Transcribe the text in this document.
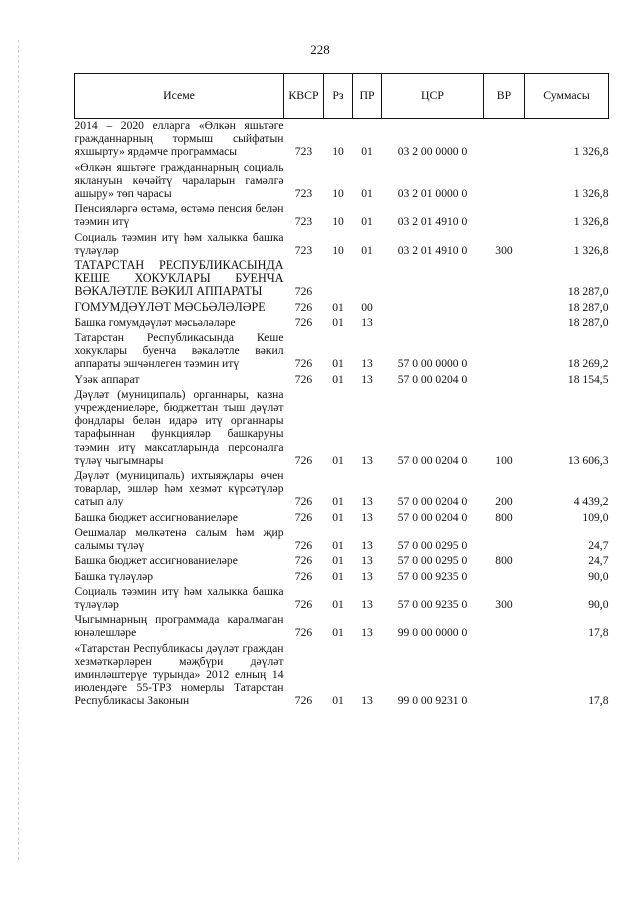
228
Исеме	КВСР	Рз	ПР	ЦСР	ВР	Суммасы
2014 – 2020 елларга «Өлкән яшьтәге гражданнарның тормыш сыйфатын яхшырту» ярдәмче программасы	723	10	01	03 2 00 0000 0		1 326,8
«Өлкән яшьтәге гражданнарның социаль яклануын көчәйтү чараларын гамәлгә ашыру» төп чарасы	723	10	01	03 2 01 0000 0		1 326,8
Пенсияләргә өстәмә, өстәмә пенсия белән тәэмин итү	723	10	01	03 2 01 4910 0		1 326,8
Социаль тәэмин итү һәм халыкка башка түләүләр	723	10	01	03 2 01 4910 0	300	1 326,8
ТАТАРСТАН РЕСПУБЛИКАСЫНДА КЕШЕ ХОКУКЛАРЫ БУЕНЧА ВӘКАЛӘТЛЕ ВӘКИЛ АППАРАТЫ	726					18 287,0
ГОМУМДӘҮЛӘТ МӘСЬӘЛӘЛӘРЕ	726	01	00			18 287,0
Башка гомумдәүләт мәсьәләләре	726	01	13			18 287,0
Татарстан Республикасында Кеше хокуклары буенча вәкаләтле вәкил аппараты эшчәнлеген тәэмин итү	726	01	13	57 0 00 0000 0		18 269,2
Үзәк аппарат	726	01	13	57 0 00 0204 0		18 154,5
Дәүләт (муниципаль) органнары, казна учреждениеләре, бюджеттан тыш дәүләт фондлары белән идарә итү органнары тарафыннан функцияләр башкаруны тәэмин итү максатларында персоналга түләү чыгымнары	726	01	13	57 0 00 0204 0	100	13 606,3
Дәүләт (муниципаль) ихтыяҗлары өчен товарлар, эшләр һәм хезмәт күрсәтүләр сатып алу	726	01	13	57 0 00 0204 0	200	4 439,2
Башка бюджет ассигнованиеләре	726	01	13	57 0 00 0204 0	800	109,0
Оешмалар мөлкәтенә салым һәм җир салымы түләү	726	01	13	57 0 00 0295 0		24,7
Башка бюджет ассигнованиеләре	726	01	13	57 0 00 0295 0	800	24,7
Башка түләүләр	726	01	13	57 0 00 9235 0		90,0
Социаль тәэмин итү һәм халыкка башка түләүләр	726	01	13	57 0 00 9235 0	300	90,0
Чыгымнарның программада каралмаган юнәлешләре	726	01	13	99 0 00 0000 0		17,8
«Татарстан Республикасы дәүләт граждан хезмәткәрләрен мәҗбүри дәүләт иминләштерүе турында» 2012 елның 14 июлендәге 55-ТРЗ номерлы Татарстан Республикасы Законын	726	01	13	99 0 00 9231 0		17,8
